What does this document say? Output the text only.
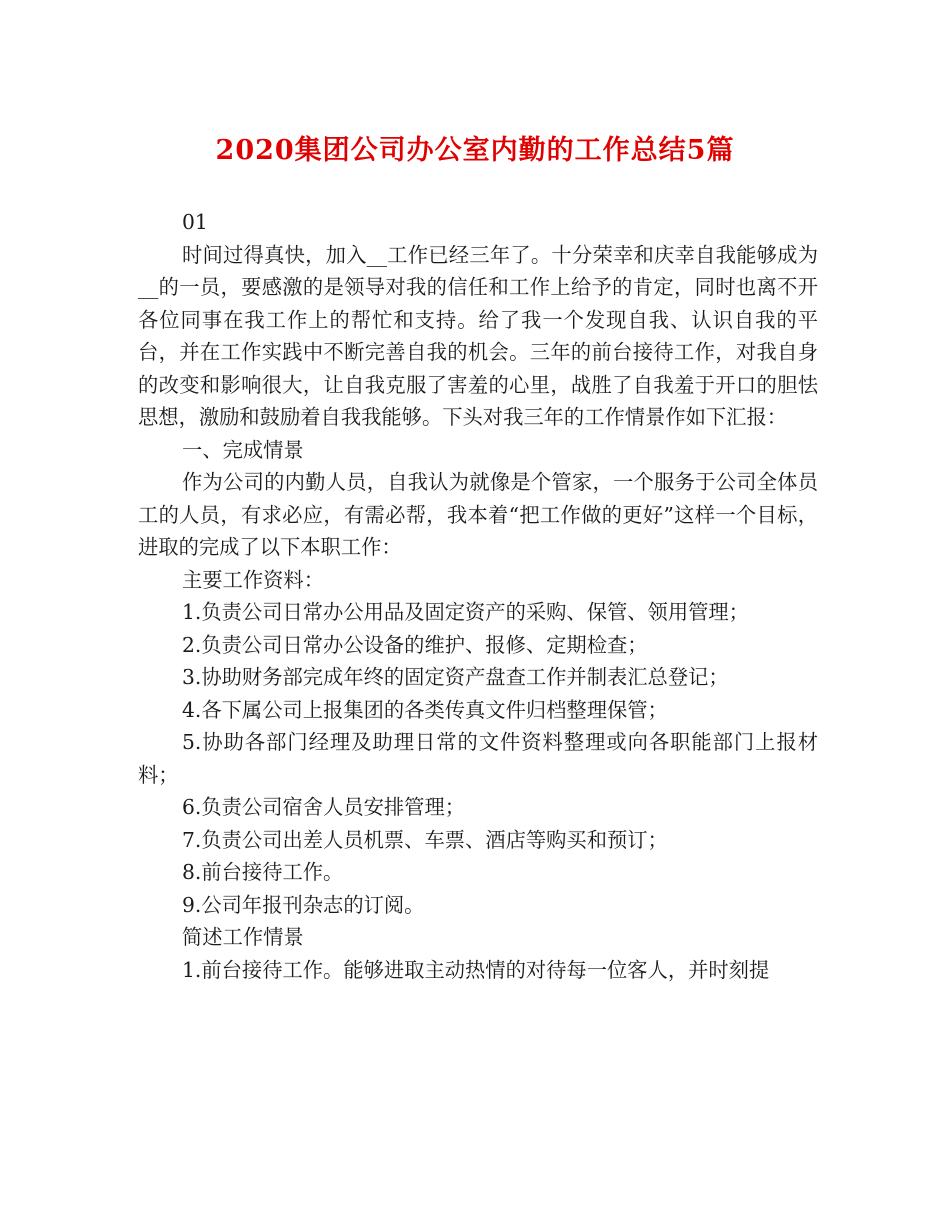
2020集团公司办公室内勤的工作总结5篇

01

时间过得真快，加入__工作已经三年了。十分荣幸和庆幸自我能够成为__的一员，要感激的是领导对我的信任和工作上给予的肯定，同时也离不开各位同事在我工作上的帮忙和支持。给了我一个发现自我、认识自我的平台，并在工作实践中不断完善自我的机会。三年的前台接待工作，对我自身的改变和影响很大，让自我克服了害羞的心里，战胜了自我羞于开口的胆怯思想，激励和鼓励着自我我能够。下头对我三年的工作情景作如下汇报：

一、完成情景

作为公司的内勤人员，自我认为就像是个管家，一个服务于公司全体员工的人员，有求必应，有需必帮，我本着“把工作做的更好”这样一个目标，进取的完成了以下本职工作：

主要工作资料：

1.负责公司日常办公用品及固定资产的采购、保管、领用管理；

2.负责公司日常办公设备的维护、报修、定期检查；

3.协助财务部完成年终的固定资产盘查工作并制表汇总登记；

4.各下属公司上报集团的各类传真文件归档整理保管；

5.协助各部门经理及助理日常的文件资料整理或向各职能部门上报材料；

6.负责公司宿舍人员安排管理；

7.负责公司出差人员机票、车票、酒店等购买和预订；

8.前台接待工作。

9.公司年报刊杂志的订阅。

简述工作情景

1.前台接待工作。能够进取主动热情的对待每一位客人，并时刻提
